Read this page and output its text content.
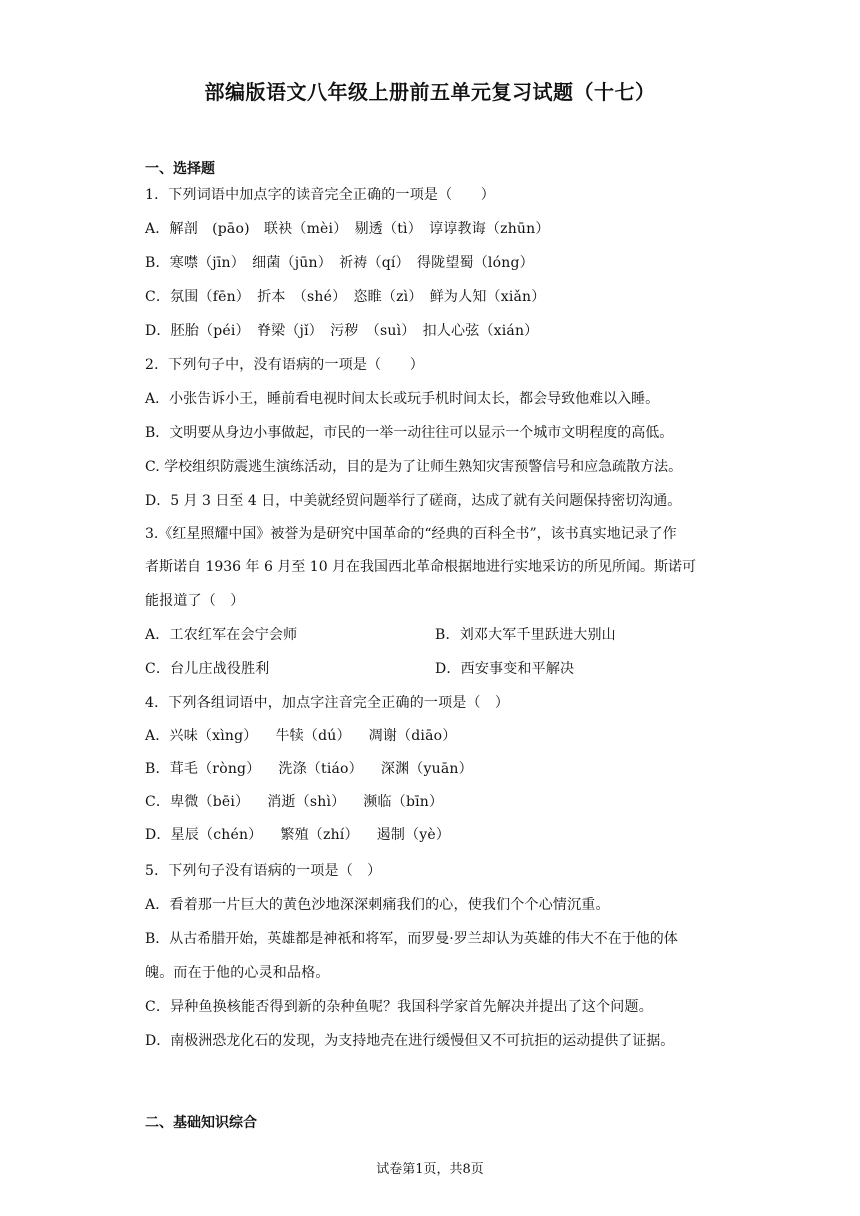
部编版语文八年级上册前五单元复习试题（十七）
一、选择题
1．下列词语中加点字的读音完全正确的一项是（　　）
A．解剖　(pāo)　联袂（mèi）　剔透（tì）　谆谆教诲（zhūn）
B．寒噤（jīn）　细菌（jūn）　祈祷（qí）　得陇望蜀（lóng）
C．氛围（fēn）　折本　（shé）　恣睢（zì）　鲜为人知（xiǎn）
D．胚胎（péi）　脊梁（jǐ）　污秽　（suì）　扣人心弦（xián）
2．下列句子中，没有语病的一项是（　　）
A．小张告诉小王，睡前看电视时间太长或玩手机时间太长，都会导致他难以入睡。
B．文明要从身边小事做起，市民的一举一动往往可以显示一个城市文明程度的高低。
C. 学校组织防震逃生演练活动，目的是为了让师生熟知灾害预警信号和应急疏散方法。
D．5 月 3 日至 4 日，中美就经贸问题举行了磋商，达成了就有关问题保持密切沟通。
3.《红星照耀中国》被誉为是研究中国革命的“经典的百科全书”，该书真实地记录了作
者斯诺自 1936 年 6 月至 10 月在我国西北革命根据地进行实地采访的所见所闻。斯诺可
能报道了（　）
A．工农红军在会宁会师	B．刘邓大军千里跃进大别山
C．台儿庄战役胜利	D．西安事变和平解决
4．下列各组词语中，加点字注音完全正确的一项是（　）
A．兴味（xìng） 牛犊（dú） 凋谢（diāo）
B．茸毛（ròng） 洗涤（tiáo） 深渊（yuān）
C．卑微（bēi） 消逝（shì） 濒临（bīn）
D．星辰（chén） 繁殖（zhí） 遏制（yè）
5．下列句子没有语病的一项是（　）
A．看着那一片巨大的黄色沙地深深刺痛我们的心，使我们个个心情沉重。
B．从古希腊开始，英雄都是神祇和将军，而罗曼·罗兰却认为英雄的伟大不在于他的体
魄。而在于他的心灵和品格。
C．异种鱼换核能否得到新的杂种鱼呢？我国科学家首先解决并提出了这个问题。
D．南极洲恐龙化石的发现，为支持地壳在进行缓慢但又不可抗拒的运动提供了证据。
二、基础知识综合
试卷第1页，共8页
